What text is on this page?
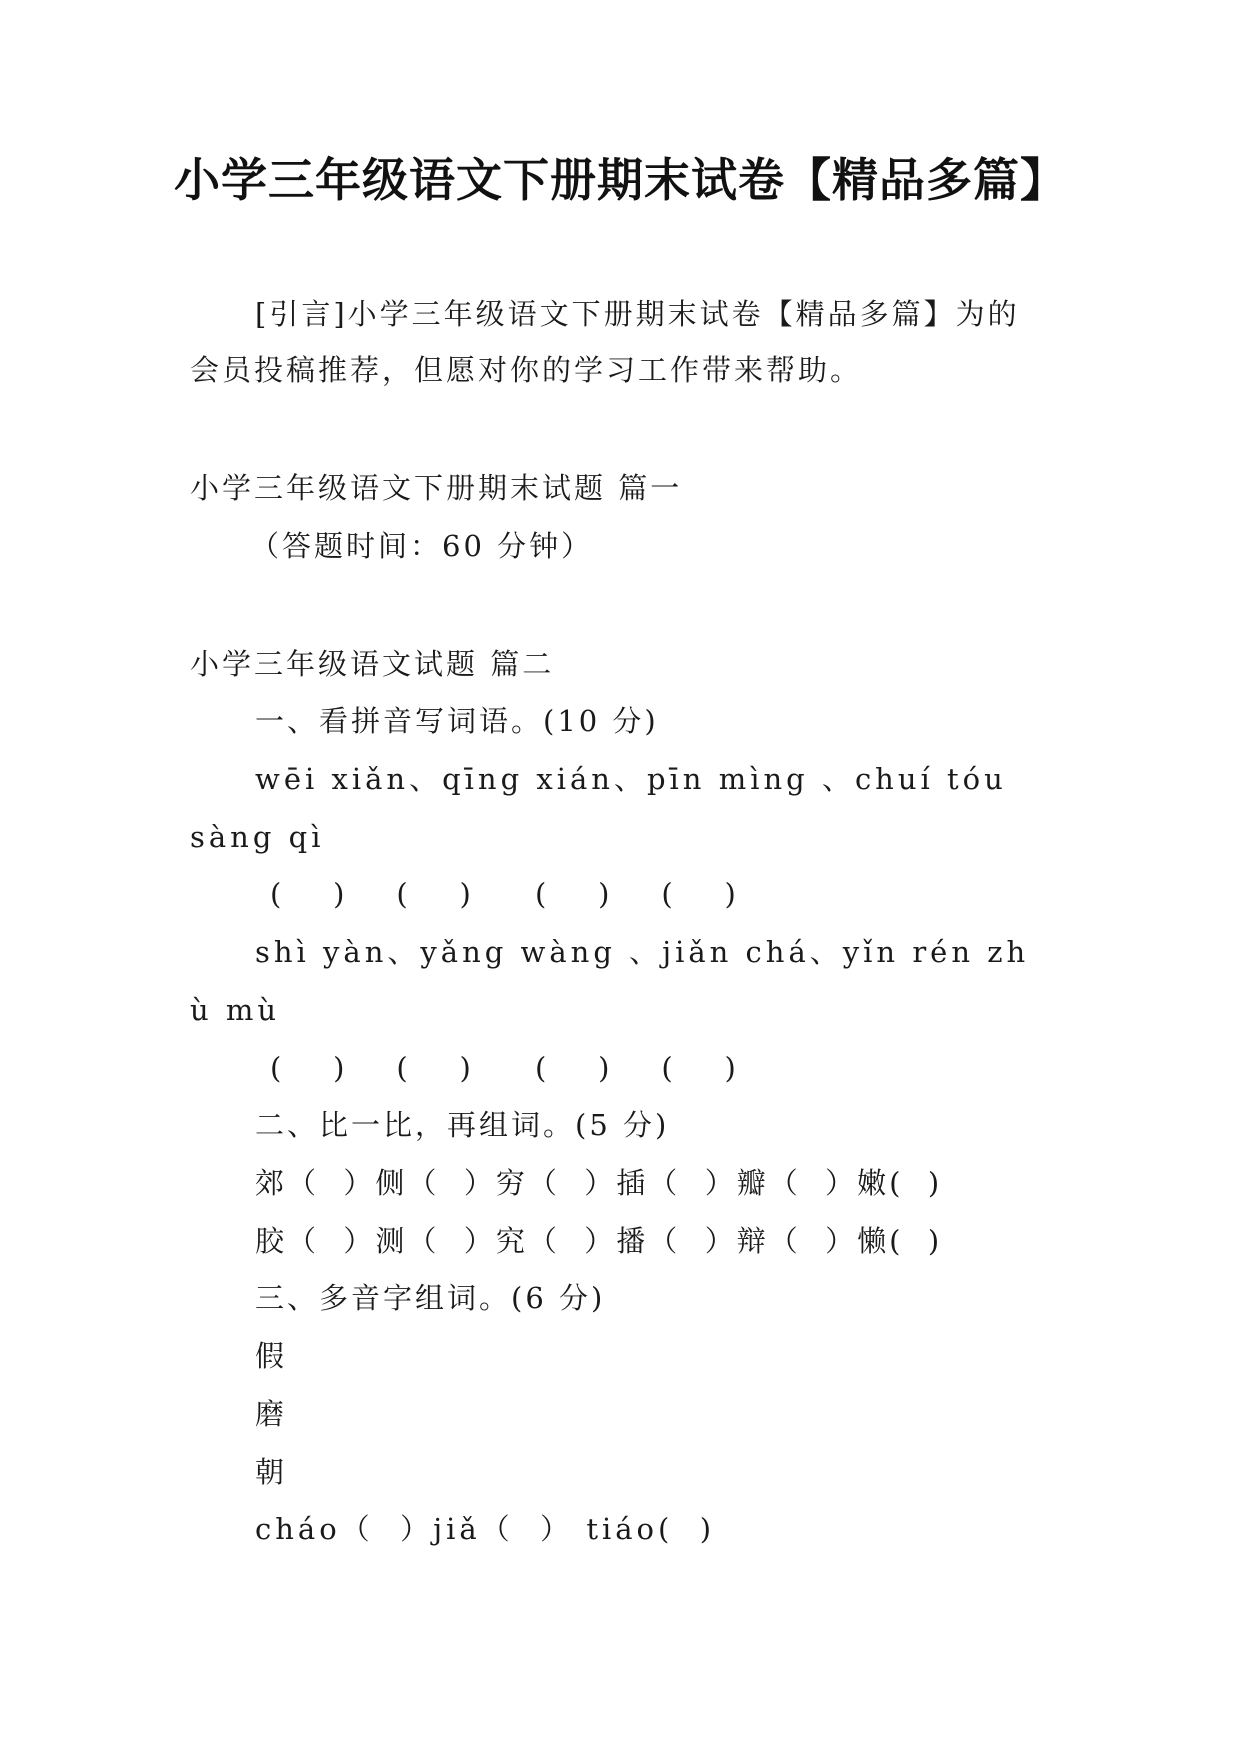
小学三年级语文下册期末试卷【精品多篇】
[引言]小学三年级语文下册期末试卷【精品多篇】为的
会员投稿推荐，但愿对你的学习工作带来帮助。
小学三年级语文下册期末试题 篇一
（答题时间：60 分钟）
小学三年级语文试题 篇二
一、看拼音写词语。(10 分)
wēi xiǎn、qīng xián、pīn mìng 、chuí tóu
sàng qì
(    )    (    )     (    )    (    )
shì yàn、yǎng wàng 、jiǎn chá、yǐn rén zh
ù mù
(    )    (    )     (    )    (    )
二、比一比，再组词。(5 分)
郊（  ）侧（  ）穷（  ）插（  ）瓣（  ）嫩(  )
胶（  ）测（  ）究（  ）播（  ）辩（  ）懒(  )
三、多音字组词。(6 分)
假
磨
朝
cháo（  ）jiǎ（  ） tiáo(  )
